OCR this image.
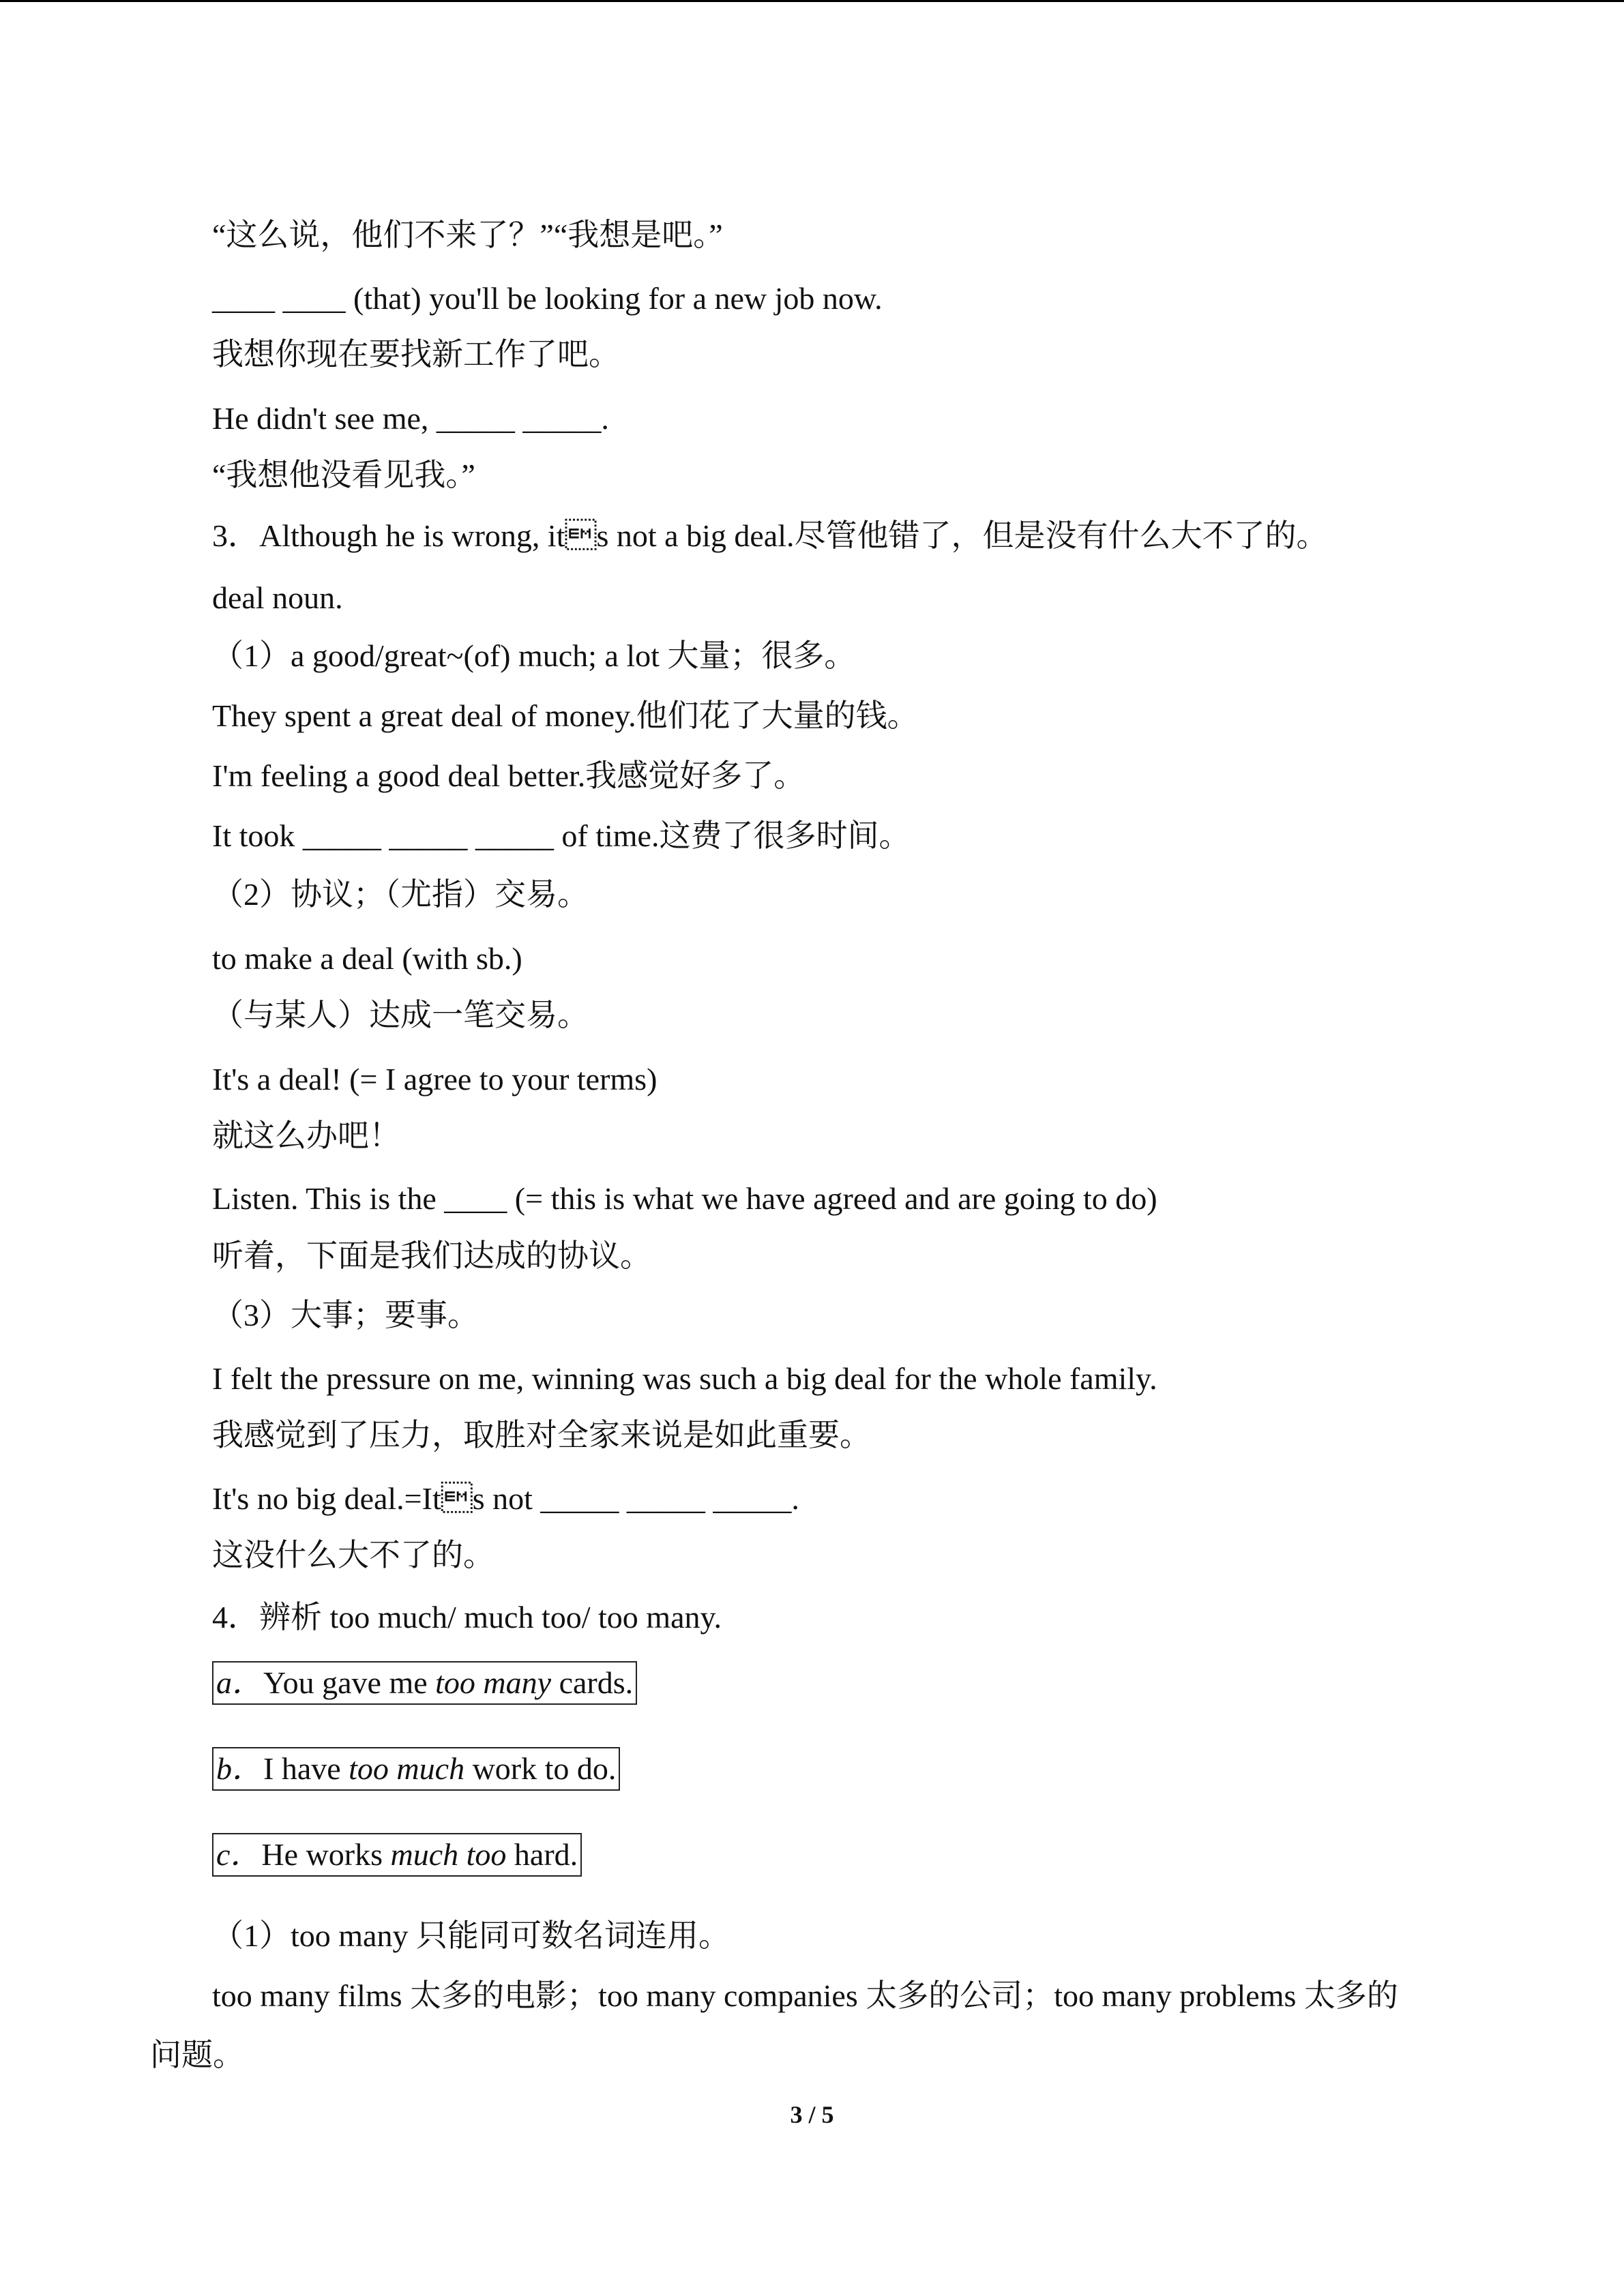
“这么说，他们不来了？”“我想是吧。”
____ ____ (that) you'll be looking for a new job now.
我想你现在要找新工作了吧。
He didn't see me, _____ _____.
“我想他没看见我。”
3．Although he is wrong, its not a big deal.尽管他错了，但是没有什么大不了的。
deal noun.
（1）a good/great~(of) much; a lot 大量；很多。
They spent a great deal of money.他们花了大量的钱。
I'm feeling a good deal better.我感觉好多了。
It took _____ _____ _____ of time.这费了很多时间。
（2）协议；（尤指）交易。
to make a deal (with sb.)
（与某人）达成一笔交易。
It's a deal! (= I agree to your terms)
就这么办吧！
Listen. This is the ____ (= this is what we have agreed and are going to do)
听着，下面是我们达成的协议。
（3）大事；要事。
I felt the pressure on me, winning was such a big deal for the whole family.
我感觉到了压力，取胜对全家来说是如此重要。
It's no big deal.=Its not _____ _____ _____.
这没什么大不了的。
4．辨析 too much/ much too/ too many.
a．You gave me too many cards.
b．I have too much work to do.
c．He works much too hard.
（1）too many 只能同可数名词连用。
too many films 太多的电影；too many companies 太多的公司；too many problems 太多的
问题。
3 / 5
